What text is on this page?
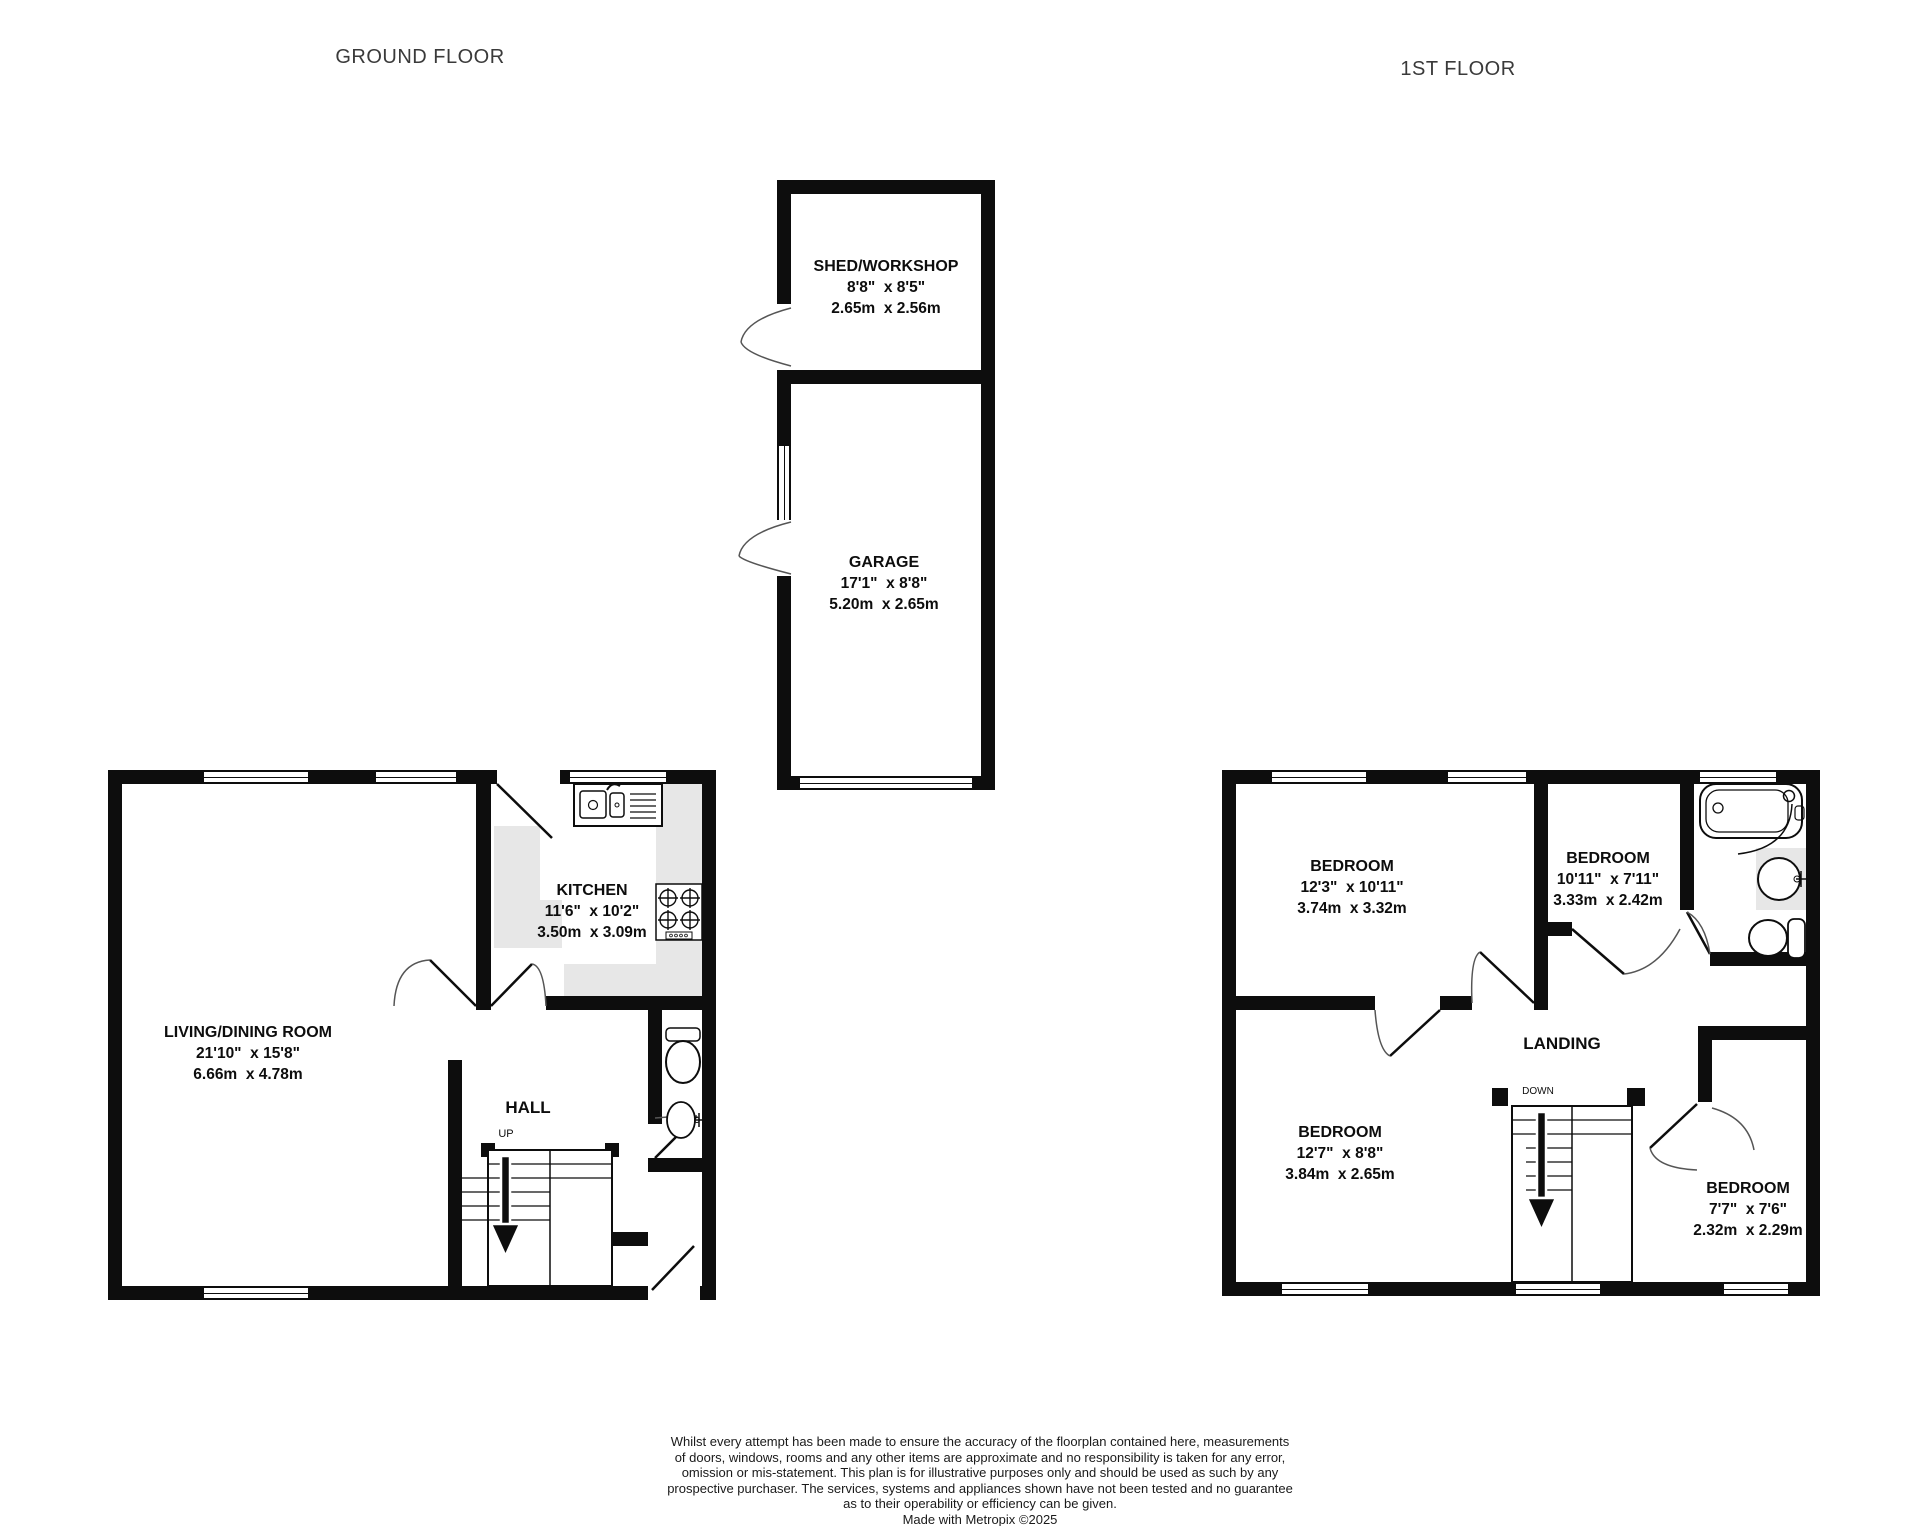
GROUND FLOOR
1ST FLOOR
SHED/WORKSHOP
8'8"  x 8'5"
2.65m  x 2.56m
GARAGE
17'1"  x 8'8"
5.20m  x 2.65m
LIVING/DINING ROOM
21'10"  x 15'8"
6.66m  x 4.78m
KITCHEN
11'6"  x 10'2"
3.50m  x 3.09m
HALL
UP
BEDROOM
12'3"  x 10'11"
3.74m  x 3.32m
BEDROOM
10'11"  x 7'11"
3.33m  x 2.42m
BEDROOM
12'7"  x 8'8"
3.84m  x 2.65m
BEDROOM
7'7"  x 7'6"
2.32m  x 2.29m
LANDING
DOWN
Whilst every attempt has been made to ensure the accuracy of the floorplan contained here, measurements
of doors, windows, rooms and any other items are approximate and no responsibility is taken for any error,
omission or mis-statement. This plan is for illustrative purposes only and should be used as such by any
prospective purchaser. The services, systems and appliances shown have not been tested and no guarantee
as to their operability or efficiency can be given.
Made with Metropix ©2025
